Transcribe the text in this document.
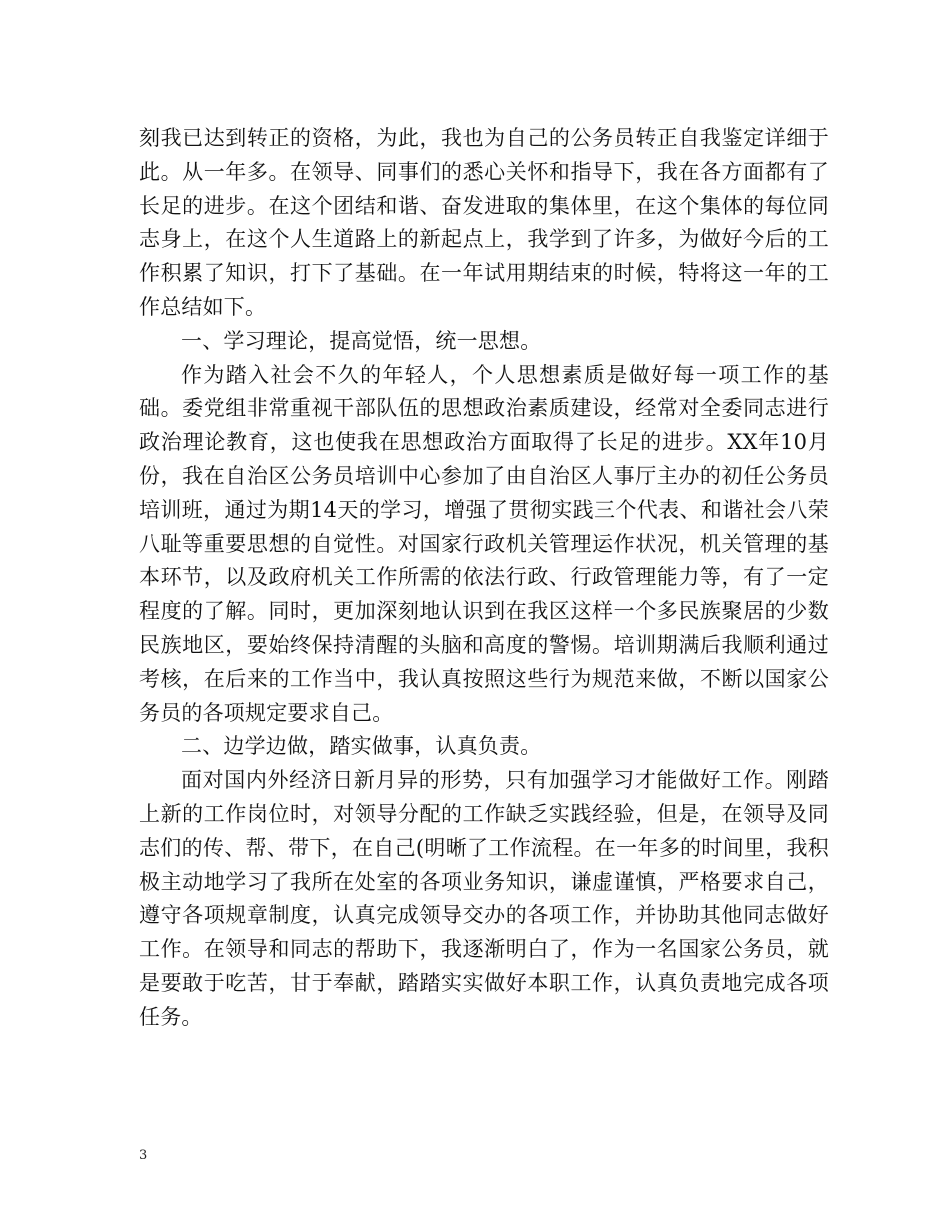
刻我已达到转正的资格，为此，我也为自己的公务员转正自我鉴定详细于此。从一年多。在领导、同事们的悉心关怀和指导下，我在各方面都有了长足的进步。在这个团结和谐、奋发进取的集体里，在这个集体的每位同志身上，在这个人生道路上的新起点上，我学到了许多，为做好今后的工作积累了知识，打下了基础。在一年试用期结束的时候，特将这一年的工作总结如下。

一、学习理论，提高觉悟，统一思想。

作为踏入社会不久的年轻人，个人思想素质是做好每一项工作的基础。委党组非常重视干部队伍的思想政治素质建设，经常对全委同志进行政治理论教育，这也使我在思想政治方面取得了长足的进步。XX年10月份，我在自治区公务员培训中心参加了由自治区人事厅主办的初任公务员培训班，通过为期14天的学习，增强了贯彻实践三个代表、和谐社会八荣八耻等重要思想的自觉性。对国家行政机关管理运作状况，机关管理的基本环节，以及政府机关工作所需的依法行政、行政管理能力等，有了一定程度的了解。同时，更加深刻地认识到在我区这样一个多民族聚居的少数民族地区，要始终保持清醒的头脑和高度的警惕。培训期满后我顺利通过考核，在后来的工作当中，我认真按照这些行为规范来做，不断以国家公务员的各项规定要求自己。

二、边学边做，踏实做事，认真负责。

面对国内外经济日新月异的形势，只有加强学习才能做好工作。刚踏上新的工作岗位时，对领导分配的工作缺乏实践经验，但是，在领导及同志们的传、帮、带下，在自己(明晰了工作流程。在一年多的时间里，我积极主动地学习了我所在处室的各项业务知识，谦虚谨慎，严格要求自己，遵守各项规章制度，认真完成领导交办的各项工作，并协助其他同志做好工作。在领导和同志的帮助下，我逐渐明白了，作为一名国家公务员，就是要敢于吃苦，甘于奉献，踏踏实实做好本职工作，认真负责地完成各项任务。

3
